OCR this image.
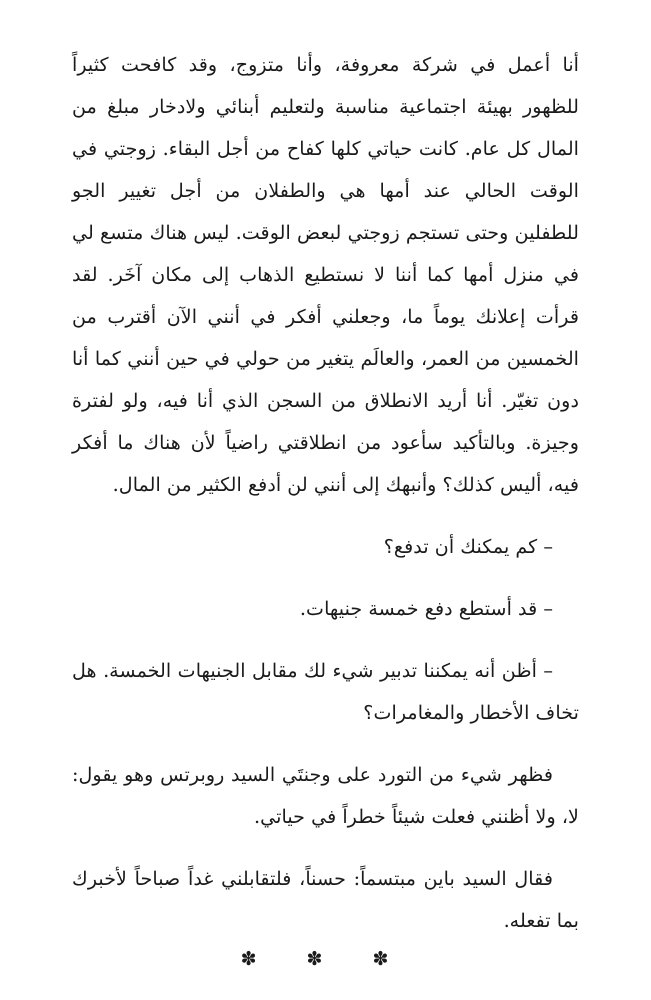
أنا أعمل في شركة معروفة، وأنا متزوج، وقد كافحت كثيراً للظهور بهيئة اجتماعية مناسبة ولتعليم أبنائي ولادخار مبلغ من المال كل عام. كانت حياتي كلها كفاح من أجل البقاء. زوجتي في الوقت الحالي عند أمها هي والطفلان من أجل تغيير الجو للطفلين وحتى تستجم زوجتي لبعض الوقت. ليس هناك متسع لي في منزل أمها كما أننا لا نستطيع الذهاب إلى مكان آخَر. لقد قرأت إعلانك يوماً ما، وجعلني أفكر في أنني الآن أقترب من الخمسين من العمر، والعالَم يتغير من حولي في حين أنني كما أنا دون تغيّر. أنا أريد الانطلاق من السجن الذي أنا فيه، ولو لفترة وجيزة. وبالتأكيد سأعود من انطلاقتي راضياً لأن هناك ما أفكر فيه، أليس كذلك؟ وأنبهك إلى أنني لن أدفع الكثير من المال.

– كم يمكنك أن تدفع؟

– قد أستطع دفع خمسة جنيهات.

– أظن أنه يمكننا تدبير شيء لك مقابل الجنيهات الخمسة. هل تخاف الأخطار والمغامرات؟

فظهر شيء من التورد على وجنتَي السيد روبرتس وهو يقول: لا، ولا أظنني فعلت شيئاً خطراً في حياتي.

فقال السيد باين مبتسماً: حسناً، فلتقابلني غداً صباحاً لأخبرك بما تفعله.

✽ ✽ ✽
